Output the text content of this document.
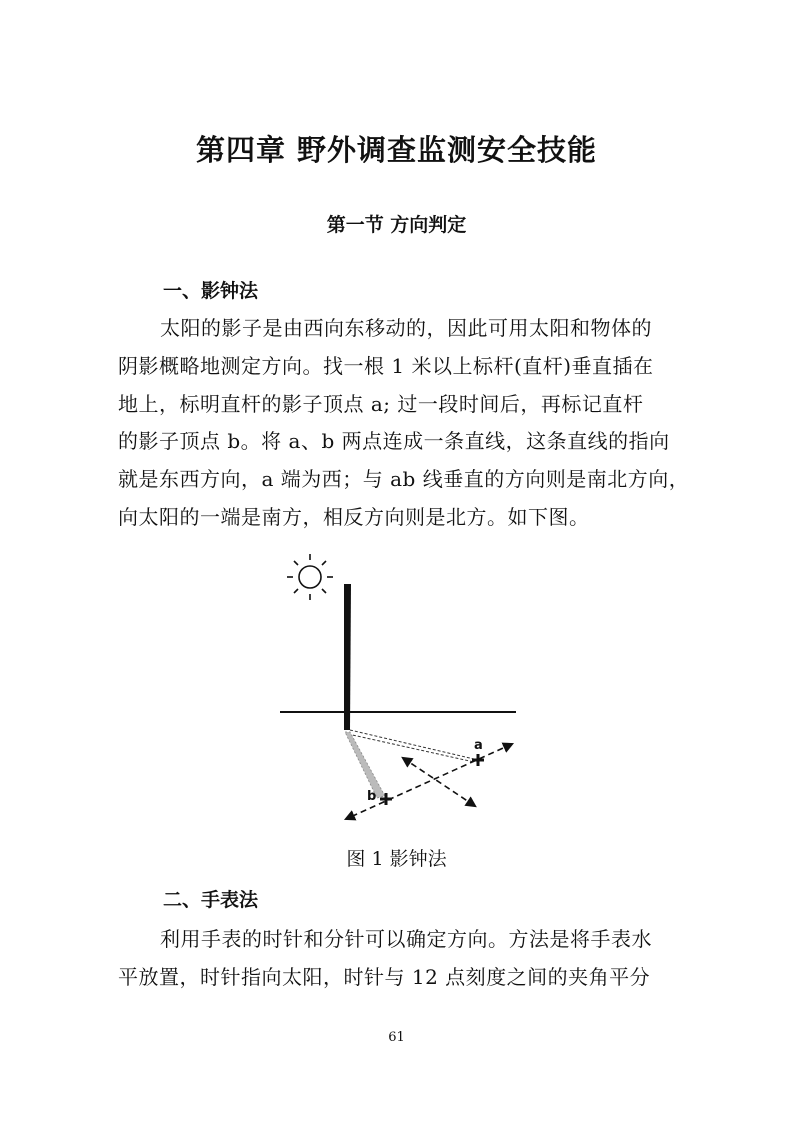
第四章 野外调查监测安全技能
第一节 方向判定
一、影钟法
太阳的影子是由西向东移动的，因此可用太阳和物体的
阴影概略地测定方向。找一根 1 米以上标杆(直杆)垂直插在
地上，标明直杆的影子顶点 a; 过一段时间后，再标记直杆
的影子顶点 b。将 a、b 两点连成一条直线，这条直线的指向
就是东西方向，a 端为西；与 ab 线垂直的方向则是南北方向，
向太阳的一端是南方，相反方向则是北方。如下图。
a
b
图 1 影钟法
二、手表法
利用手表的时针和分针可以确定方向。方法是将手表水
平放置，时针指向太阳，时针与 12 点刻度之间的夹角平分
61
